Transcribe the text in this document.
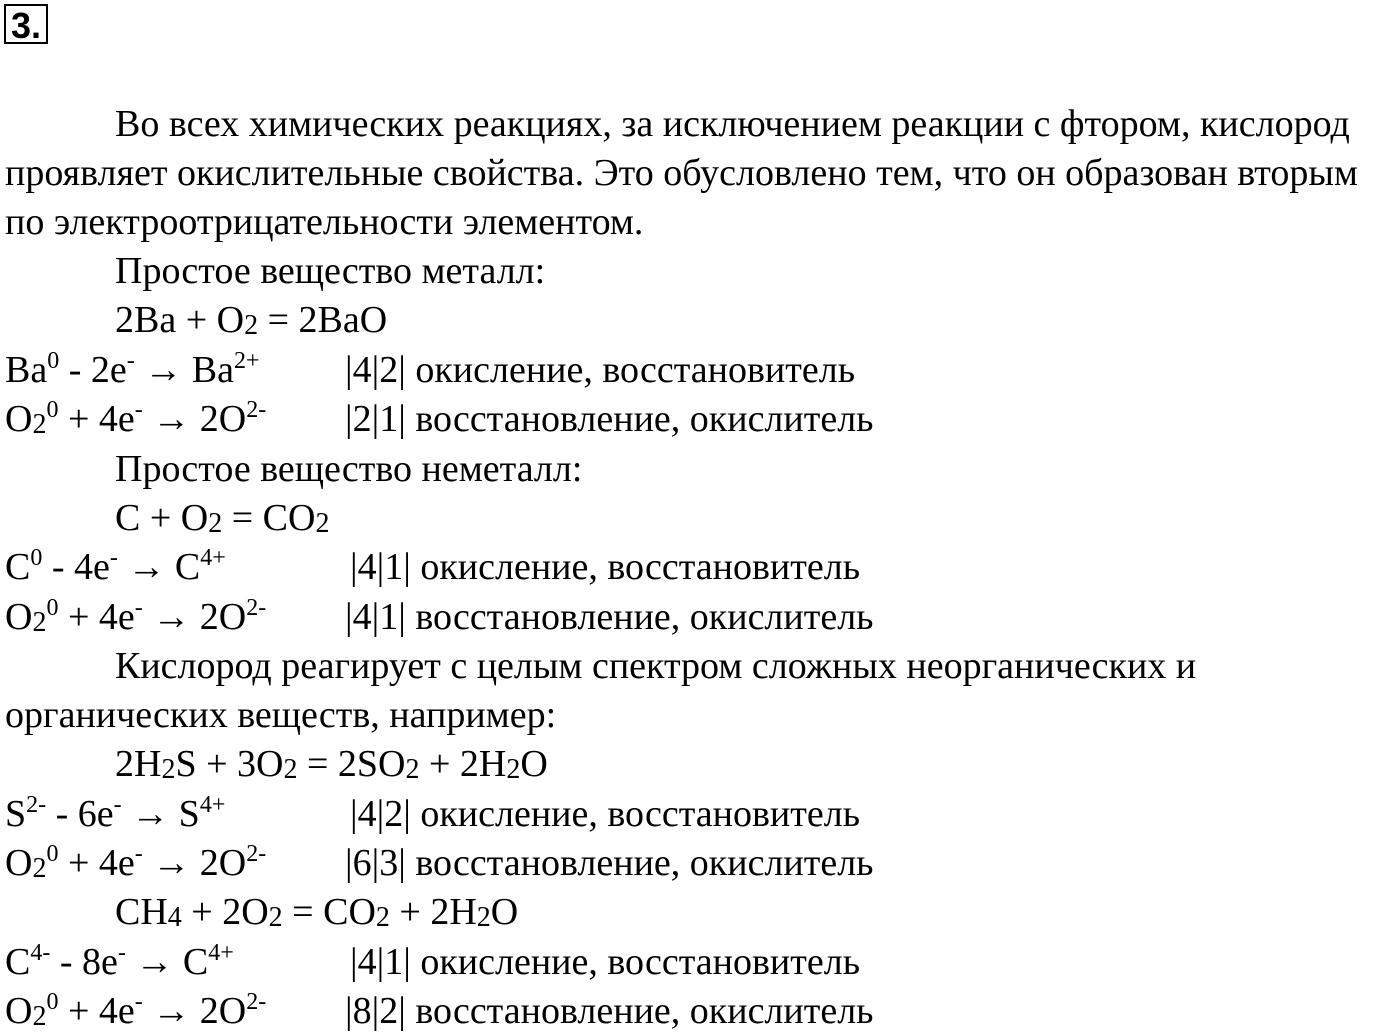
3.

Во всех химических реакциях, за исключением реакции с фтором, кислород проявляет окислительные свойства. Это обусловлено тем, что он образован вторым по электроотрицательности элементом.

Простое вещество металл:
$2Ba + O_2 = 2BaO$
$Ba^0 - 2e^- \to Ba^{2+}$ |4|2| окисление, восстановитель
$O_2^0 + 4e^- \to 2O^{2-}$ |2|1| восстановление, окислитель
Простое вещество неметалл:
$C + O_2 = CO_2$
$C^0 - 4e^- \to C^{4+}$	|4|1| окисление, восстановитель
$O_2^0 + 4e^- \to 2O^{2-}$ |4|1| восстановление, окислитель

Кислород реагирует с целым спектром сложных неорганических и органических веществ, например:

$2H_2S + 3O_2 = 2SO_2 + 2H_2O$
$S^{2-} - 6e^- \to S^{4+}$	|4|2| окисление, восстановитель
$O_2^0 + 4e^- \to 2O^{2-}$ |6|3| восстановление, окислитель
$CH_4 + 2O_2 = CO_2 + 2H_2O$
$C^{4-} - 8e^- \to C^{4+}$	|4|1| окисление, восстановитель
$O_2^0 + 4e^- \to 2O^{2-}$ |8|2| восстановление, окислитель
